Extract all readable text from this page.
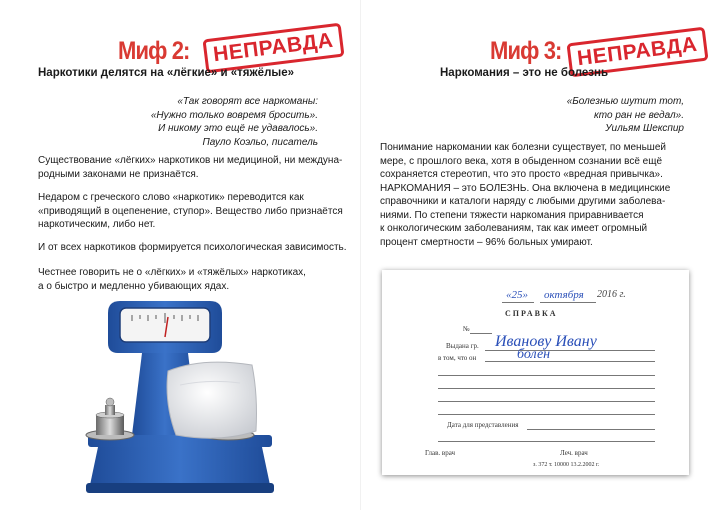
Миф 2:	НЕПРАВДА
Наркотики делятся на «лёгкие» и «тяжёлые»
«Так говорят все наркоманы:
«Нужно только вовремя бросить».
И никому это ещё не удавалось».
Пауло Коэльо, писатель
Существование «лёгких» наркотиков ни медициной, ни междуна-
родными законами не признаётся.
Недаром с греческого слово «наркотик» переводится как
«приводящий в оцепенение, ступор». Вещество либо признаётся
наркотическим, либо нет.
И от всех наркотиков формируется психологическая зависимость.
Честнее говорить не о «лёгких» и «тяжёлых» наркотиках,
а о быстро и медленно убивающих ядах.
Миф 3: НЕПРАВДА
Наркомания – это не болезнь
«Болезнью шутит тот,
кто ран не ведал».
Уильям Шекспир
Понимание наркомании как болезни существует, по меньшей
мере, с прошлого века, хотя в обыденном сознании всё ещё
сохраняется стереотип, что это просто «вредная привычка».
НАРКОМАНИЯ – это БОЛЕЗНЬ. Она включена в медицинские
справочники и каталоги наряду с любыми другими заболева-
ниями. По степени тяжести наркомания приравнивается
к онкологическим заболеваниям, так как имеет огромный
процент смертности – 96% больных умирают.
«25» октября 2016 г.
СПРАВКА
№
Выдана гр. Иванову Ивану
в том, что он	болен
Дата для представления
Глав. врач	Леч. врач
з. 372 т. 10000 13.2.2002 г.
